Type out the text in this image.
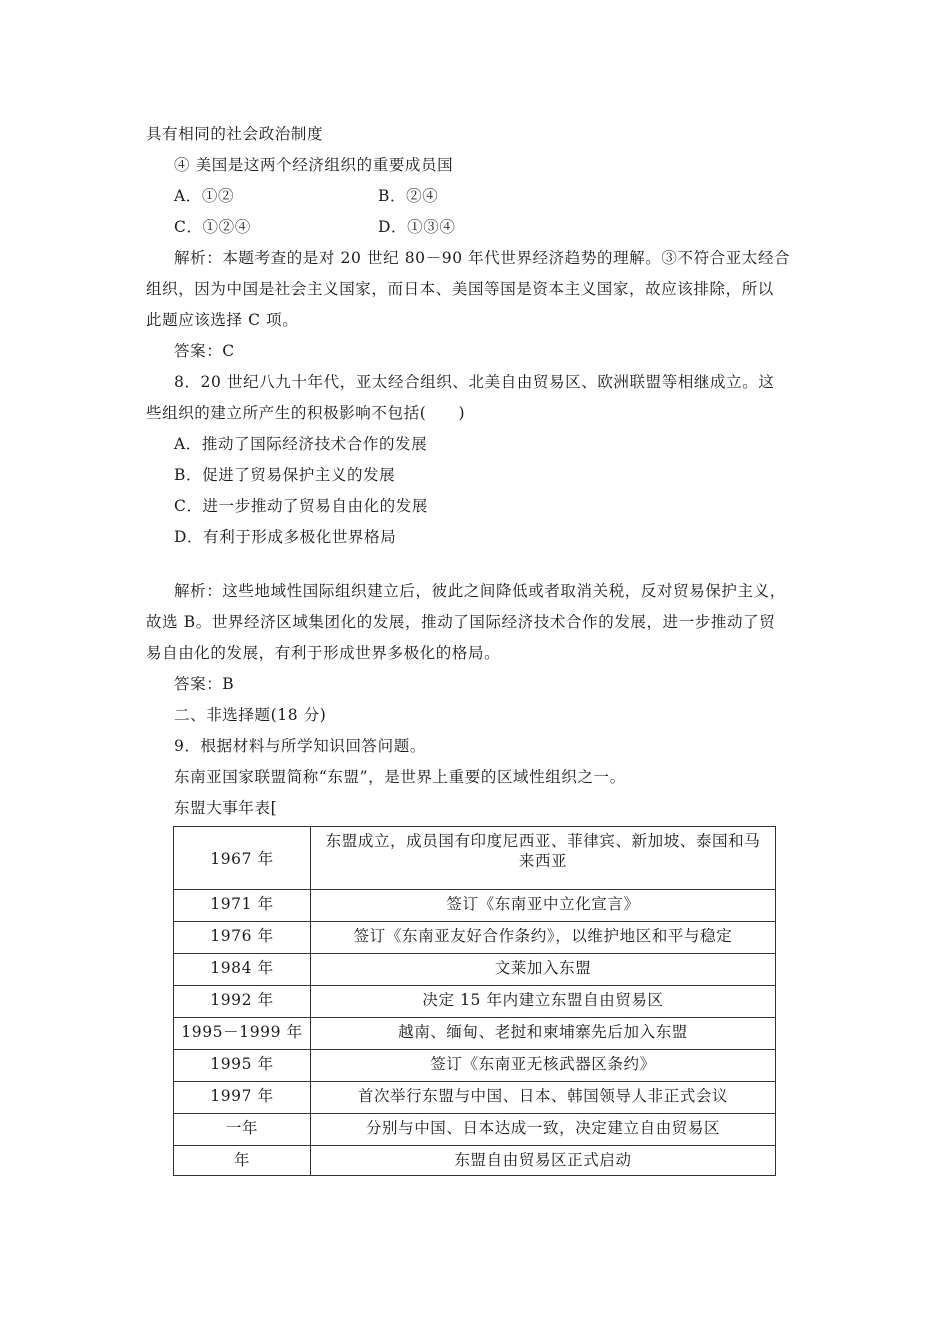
具有相同的社会政治制度
④ 美国是这两个经济组织的重要成员国
A．①②	B．②④
C．①②④	D．①③④
解析：本题考查的是对 20 世纪 80－90 年代世界经济趋势的理解。③不符合亚太经合
组织，因为中国是社会主义国家，而日本、美国等国是资本主义国家，故应该排除，所以
此题应该选择 C 项。
答案：C
8．20 世纪八九十年代，亚太经合组织、北美自由贸易区、欧洲联盟等相继成立。这
些组织的建立所产生的积极影响不包括(　　)
A．推动了国际经济技术合作的发展
B．促进了贸易保护主义的发展
C．进一步推动了贸易自由化的发展
D．有利于形成多极化世界格局
解析：这些地域性国际组织建立后，彼此之间降低或者取消关税，反对贸易保护主义，
故选 B。世界经济区域集团化的发展，推动了国际经济技术合作的发展，进一步推动了贸
易自由化的发展，有利于形成世界多极化的格局。
答案：B
二、非选择题(18 分)
9．根据材料与所学知识回答问题。
东南亚国家联盟简称“东盟”，是世界上重要的区域性组织之一。
东盟大事年表[
1967 年	东盟成立，成员国有印度尼西亚、菲律宾、新加坡、泰国和马来西亚

1971 年	签订《东南亚中立化宣言》

1976 年	签订《东南亚友好合作条约》，以维护地区和平与稳定

1984 年	文莱加入东盟

1992 年	决定 15 年内建立东盟自由贸易区

1995－1999 年	越南、缅甸、老挝和柬埔寨先后加入东盟

1995 年	签订《东南亚无核武器区条约》

1997 年	首次举行东盟与中国、日本、韩国领导人非正式会议

一年	分别与中国、日本达成一致，决定建立自由贸易区

年	东盟自由贸易区正式启动
